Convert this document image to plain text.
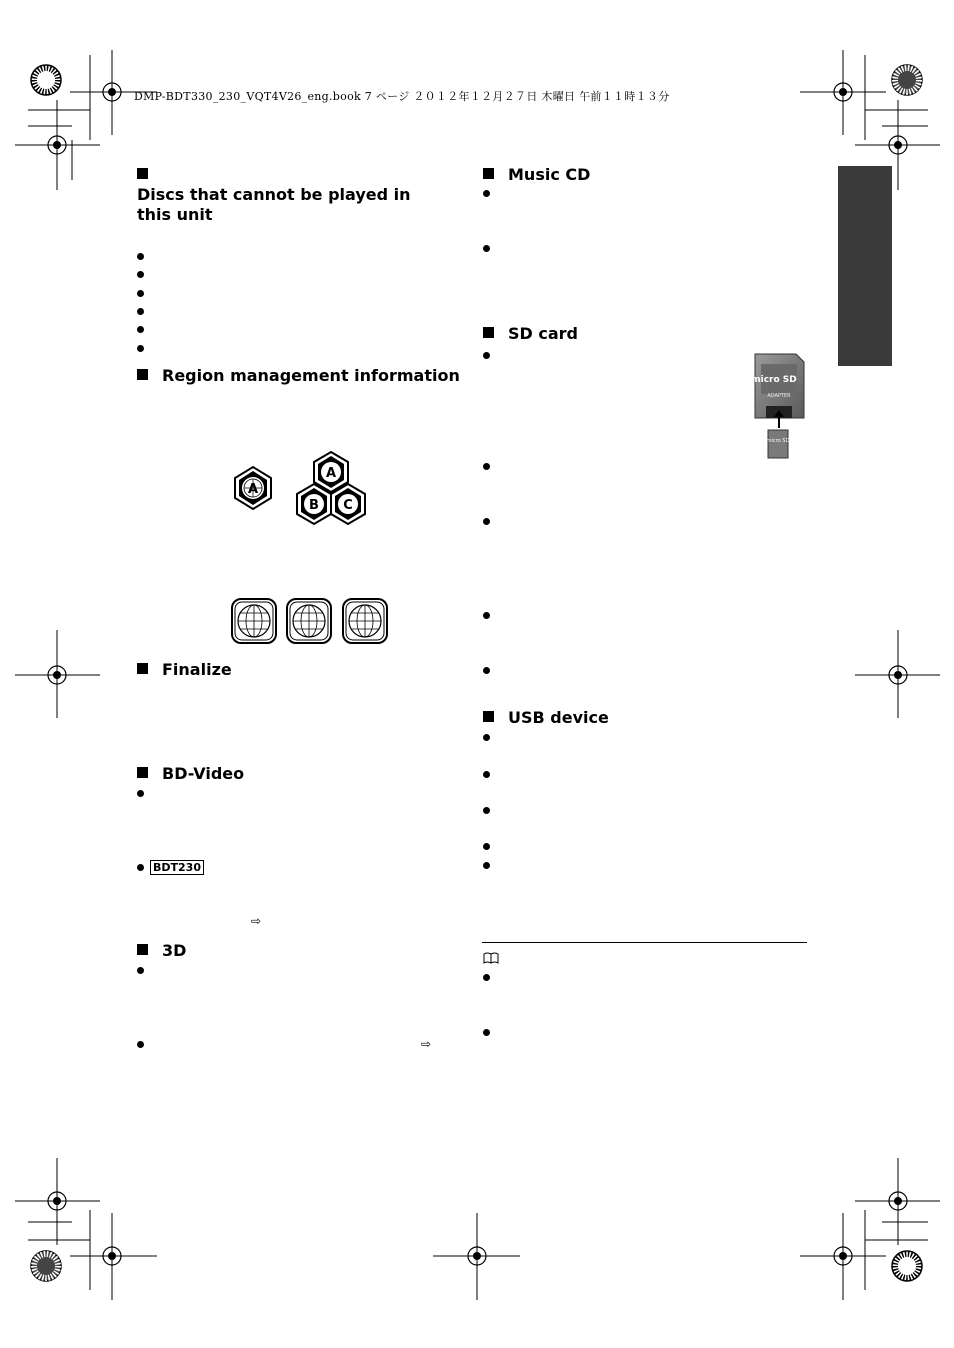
DMP-BDT330_230_VQT4V26_eng.book 7 ページ ２０１２年１２月２７日 木曜日 午前１１時１３分
Discs that cannot be played in this unit
Region management information
A
A
B C
Finalize
BD-Video
BDT230
⇨
3D
⇨
Music CD
SD card
micro SD
ADAPTER
micro SD
USB device
